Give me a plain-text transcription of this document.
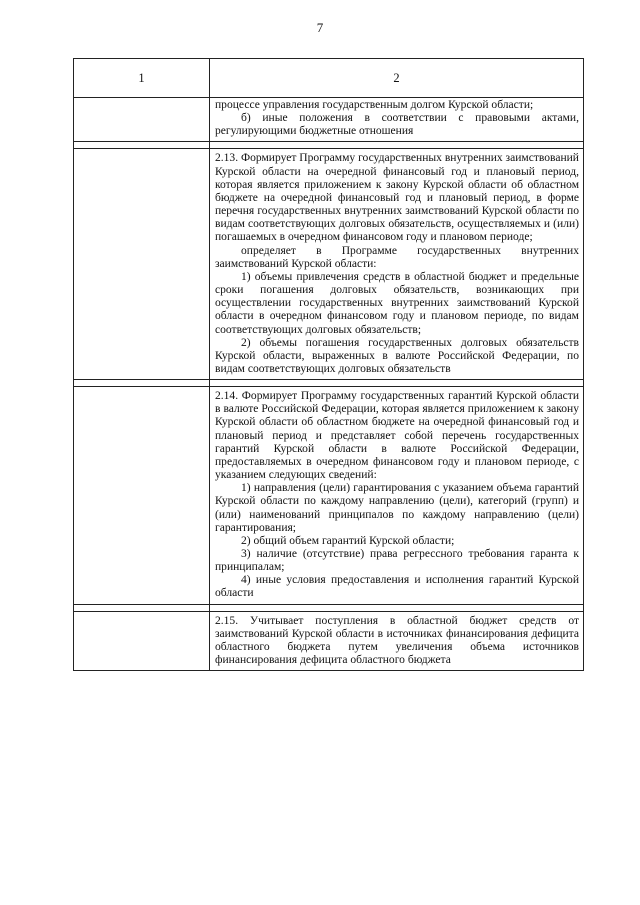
7
1	2

	процессе управления государственным долгом Курской области;

б) иные положения в соответствии с правовыми актами, регулирующими бюджетные отношения

	2.13. Формирует Программу государственных внутренних заимствований Курской области на очередной финансовый год и плановый период, которая является приложением к закону Курской области об областном бюджете на очередной финансовый год и плановый период, в форме перечня государственных внутренних заимствований Курской области по видам соответствующих долговых обязательств, осуществляемых и (или) погашаемых в очередном финансовом году и плановом периоде;

определяет в Программе государственных внутренних заимствований Курской области:

1) объемы привлечения средств в областной бюджет и предельные сроки погашения долговых обязательств, возникающих при осуществлении государственных внутренних заимствований Курской области в очередном финансовом году и плановом периоде, по видам соответствующих долговых обязательств;

2) объемы погашения государственных долговых обязательств Курской области, выраженных в валюте Российской Федерации, по видам соответствующих долговых обязательств

	2.14. Формирует Программу государственных гарантий Курской области в валюте Российской Федерации, которая является приложением к закону Курской области об областном бюджете на очередной финансовый год и плановый период и представляет собой перечень государственных гарантий Курской области в валюте Российской Федерации, предоставляемых в очередном финансовом году и плановом периоде, с указанием следующих сведений:

1) направления (цели) гарантирования с указанием объема гарантий Курской области по каждому направлению (цели), категорий (групп) и (или) наименований принципалов по каждому направлению (цели) гарантирования;

2) общий объем гарантий Курской области;

3) наличие (отсутствие) права регрессного требования гаранта к принципалам;

4) иные условия предоставления и исполнения гарантий Курской области

	2.15. Учитывает поступления в областной бюджет средств от заимствований Курской области в источниках финансирования дефицита областного бюджета путем увеличения объема источников финансирования дефицита областного бюджета
